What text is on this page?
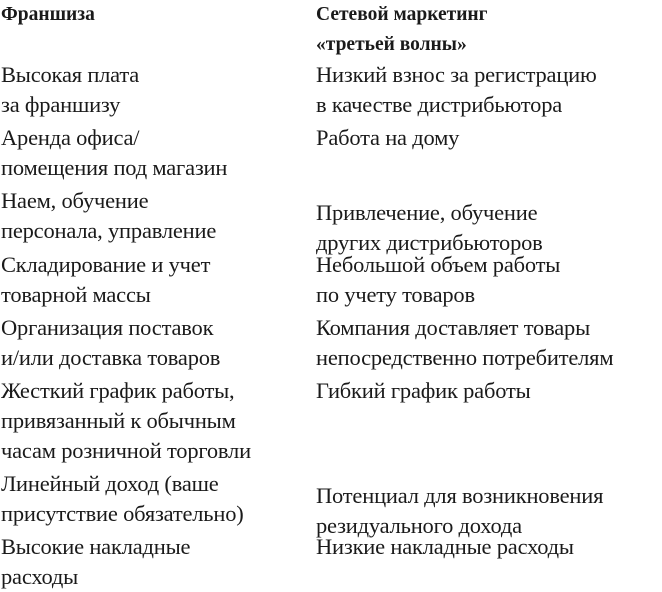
Франшиза	Сетевой маркетинг
«третьей волны»
Высокая плата
за франшизу
Низкий взнос за регистрацию
в качестве дистрибьютора
Аренда офиса/
помещения под магазин
Работа на дому
Наем, обучение
персонала, управление
Привлечение, обучение
других дистрибьюторов
Складирование и учет
товарной массы
Небольшой объем работы
по учету товаров
Организация поставок
и/или доставка товаров
Компания доставляет товары
непосредственно потребителям
Жесткий график работы,
привязанный к обычным
часам розничной торговли
Гибкий график работы
Линейный доход (ваше
присутствие обязательно)
Потенциал для возникновения
резидуального дохода
Высокие накладные
расходы
Низкие накладные расходы
